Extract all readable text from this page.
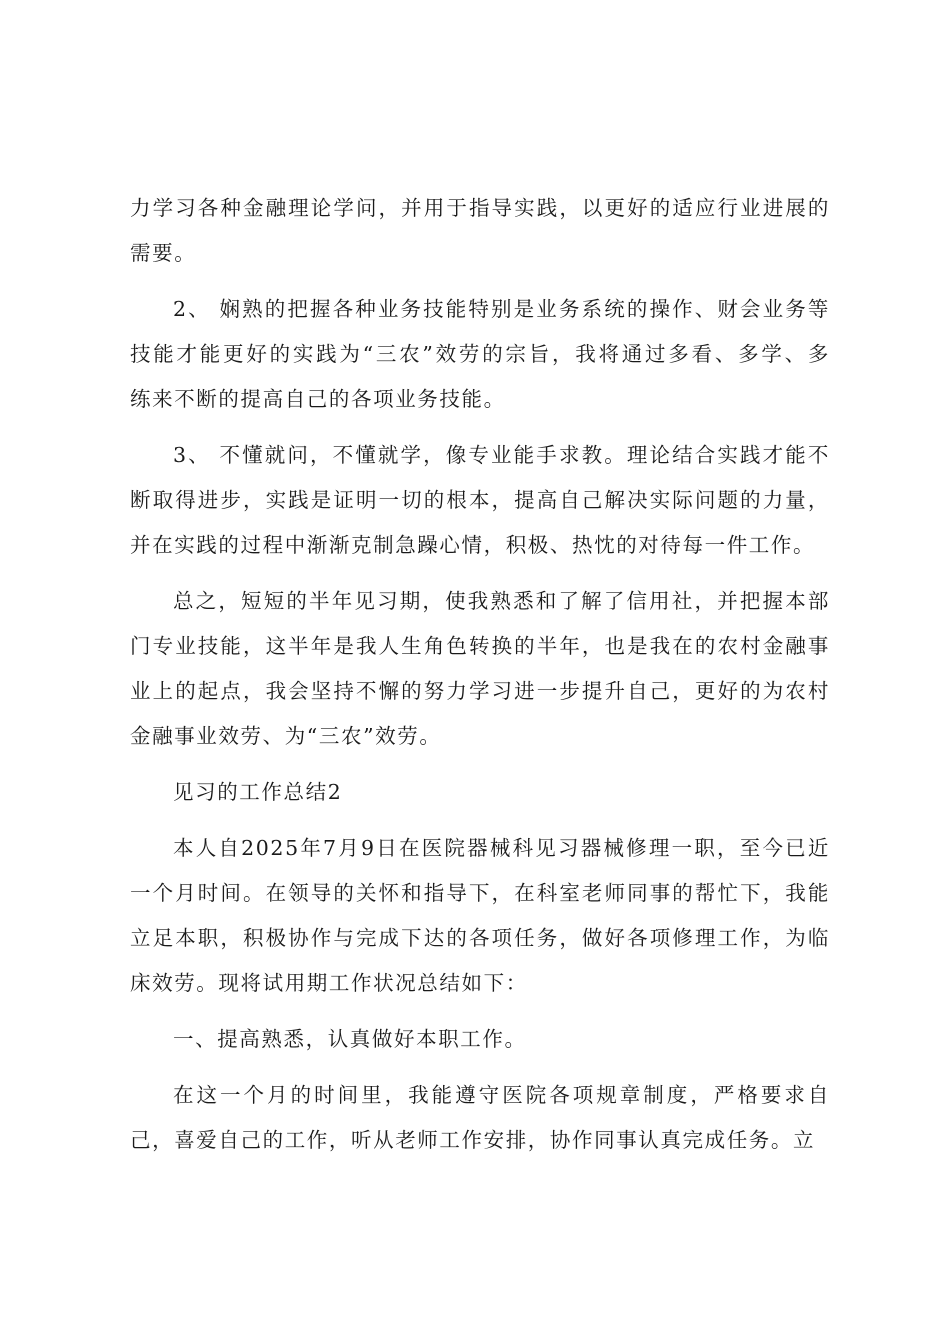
力学习各种金融理论学问，并用于指导实践，以更好的适应行业进展的
需要。
2、 娴熟的把握各种业务技能特别是业务系统的操作、财会业务等
技能才能更好的实践为“三农”效劳的宗旨，我将通过多看、多学、多
练来不断的提高自己的各项业务技能。
3、 不懂就问，不懂就学，像专业能手求教。理论结合实践才能不
断取得进步，实践是证明一切的根本，提高自己解决实际问题的力量，
并在实践的过程中渐渐克制急躁心情，积极、热忱的对待每一件工作。
总之，短短的半年见习期，使我熟悉和了解了信用社，并把握本部
门专业技能，这半年是我人生角色转换的半年，也是我在的农村金融事
业上的起点，我会坚持不懈的努力学习进一步提升自己，更好的为农村
金融事业效劳、为“三农”效劳。
见习的工作总结2
本人自2025年7月9日在医院器械科见习器械修理一职，至今已近
一个月时间。在领导的关怀和指导下，在科室老师同事的帮忙下，我能
立足本职，积极协作与完成下达的各项任务，做好各项修理工作，为临
床效劳。现将试用期工作状况总结如下：
一、提高熟悉，认真做好本职工作。
在这一个月的时间里，我能遵守医院各项规章制度，严格要求自
己，喜爱自己的工作，听从老师工作安排，协作同事认真完成任务。立
